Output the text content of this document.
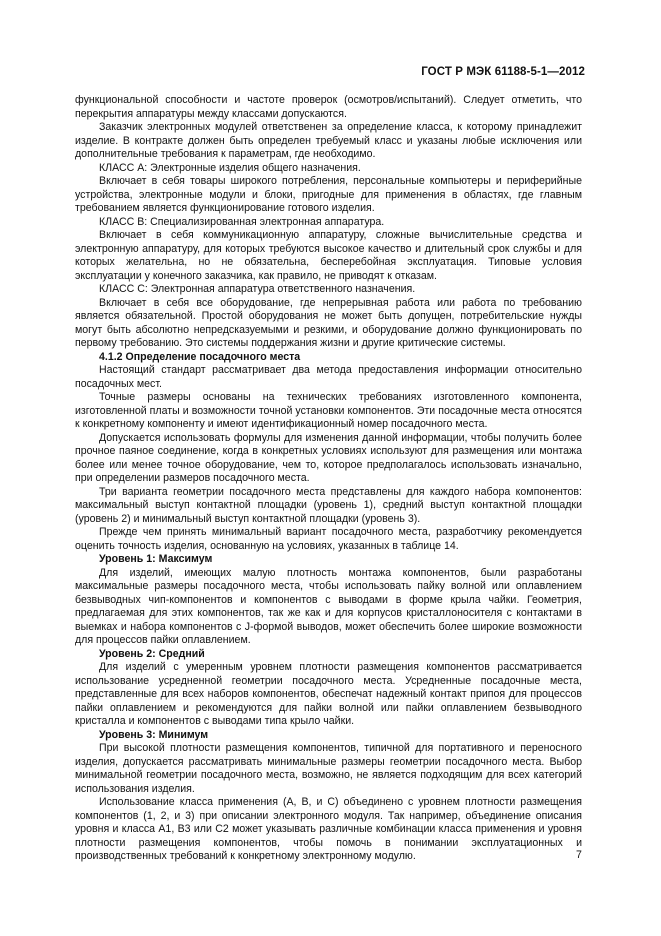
ГОСТ Р МЭК 61188-5-1—2012

функциональной способности и частоте проверок (осмотров/испытаний). Следует отметить, что перекрытия аппаратуры между классами допускаются.

Заказчик электронных модулей ответственен за определение класса, к которому принадлежит изделие. В контракте должен быть определен требуемый класс и указаны любые исключения или дополнительные требования к параметрам, где необходимо.

КЛАСС А: Электронные изделия общего назначения.

Включает в себя товары широкого потребления, персональные компьютеры и периферийные устройства, электронные модули и блоки, пригодные для применения в областях, где главным требованием является функционирование готового изделия.

КЛАСС В: Специализированная электронная аппаратура.

Включает в себя коммуникационную аппаратуру, сложные вычислительные средства и электронную аппаратуру, для которых требуются высокое качество и длительный срок службы и для которых желательна, но не обязательна, бесперебойная эксплуатация. Типовые условия эксплуатации у конечного заказчика, как правило, не приводят к отказам.

КЛАСС С: Электронная аппаратура ответственного назначения.

Включает в себя все оборудование, где непрерывная работа или работа по требованию является обязательной. Простой оборудования не может быть допущен, потребительские нужды могут быть абсолютно непредсказуемыми и резкими, и оборудование должно функционировать по первому требованию. Это системы поддержания жизни и другие критические системы.

4.1.2 Определение посадочного места

Настоящий стандарт рассматривает два метода предоставления информации относительно посадочных мест.

Точные размеры основаны на технических требованиях изготовленного компонента, изготовленной платы и возможности точной установки компонентов. Эти посадочные места относятся к конкретному компоненту и имеют идентификационный номер посадочного места.

Допускается использовать формулы для изменения данной информации, чтобы получить более прочное паяное соединение, когда в конкретных условиях используют для размещения или монтажа более или менее точное оборудование, чем то, которое предполагалось использовать изначально, при определении размеров посадочного места.

Три варианта геометрии посадочного места представлены для каждого набора компонентов: максимальный выступ контактной площадки (уровень 1), средний выступ контактной площадки (уровень 2) и минимальный выступ контактной площадки (уровень 3).

Прежде чем принять минимальный вариант посадочного места, разработчику рекомендуется оценить точность изделия, основанную на условиях, указанных в таблице 14.

Уровень 1: Максимум

Для изделий, имеющих малую плотность монтажа компонентов, были разработаны максимальные размеры посадочного места, чтобы использовать пайку волной или оплавлением безвыводных чип-компонентов и компонентов с выводами в форме крыла чайки. Геометрия, предлагаемая для этих компонентов, так же как и для корпусов кристаллоносителя с контактами в выемках и набора компонентов с J-формой выводов, может обеспечить более широкие возможности для процессов пайки оплавлением.

Уровень 2: Средний

Для изделий с умеренным уровнем плотности размещения компонентов рассматривается использование усредненной геометрии посадочного места. Усредненные посадочные места, представленные для всех наборов компонентов, обеспечат надежный контакт припоя для процессов пайки оплавлением и рекомендуются для пайки волной или пайки оплавлением безвыводного кристалла и компонентов с выводами типа крыло чайки.

Уровень 3: Минимум

При высокой плотности размещения компонентов, типичной для портативного и переносного изделия, допускается рассматривать минимальные размеры геометрии посадочного места. Выбор минимальной геометрии посадочного места, возможно, не является подходящим для всех категорий использования изделия.

Использование класса применения (А, В, и С) объединено с уровнем плотности размещения компонентов (1, 2, и 3) при описании электронного модуля. Так например, объединение описания уровня и класса А1, В3 или С2 может указывать различные комбинации класса применения и уровня плотности размещения компонентов, чтобы помочь в понимании эксплуатационных и производственных требований к конкретному электронному модулю.	7
